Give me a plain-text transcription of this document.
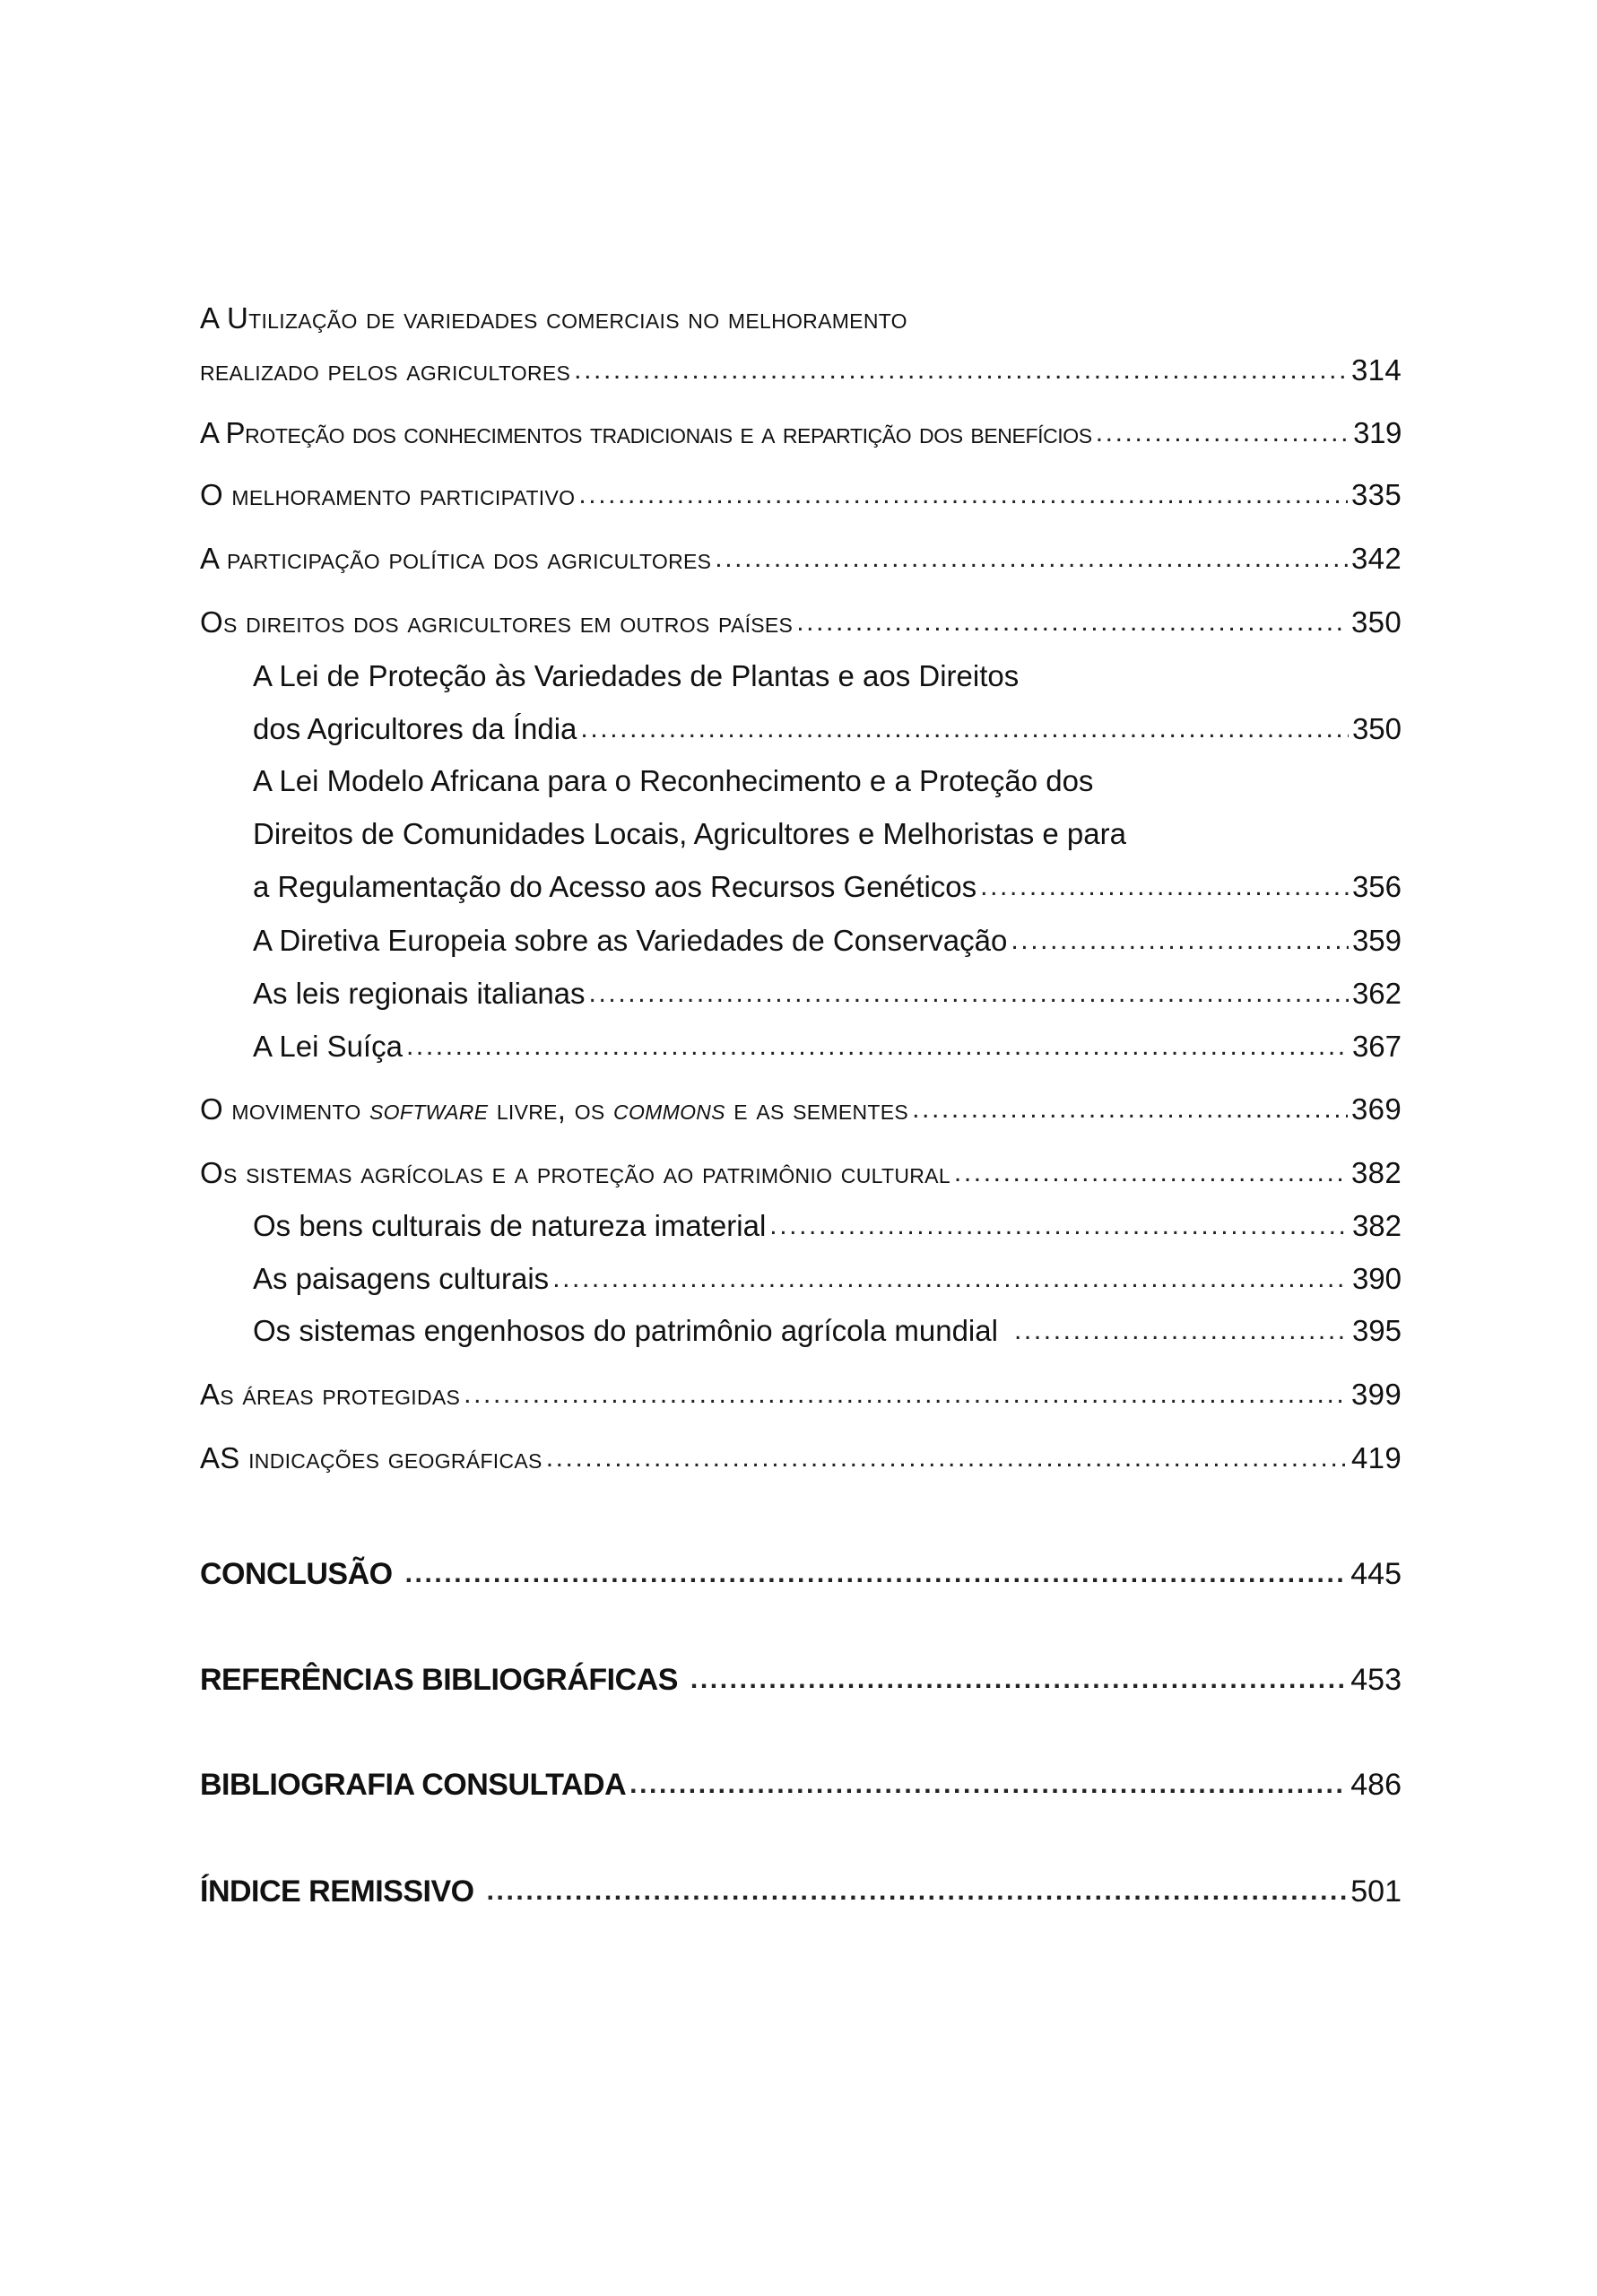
A Utilização de variedades comerciais no melhoramento
realizado pelos agricultores .....	314
A Proteção dos conhecimentos tradicionais e a repartição dos benefícios .....	319
O melhoramento participativo .....	335
A participação política dos agricultores .....	342
Os direitos dos agricultores em outros países .....	350
A Lei de Proteção às Variedades de Plantas e aos Direitos
dos Agricultores da Índia .....	350
A Lei Modelo Africana para o Reconhecimento e a Proteção dos
Direitos de Comunidades Locais, Agricultores e Melhoristas e para
a Regulamentação do Acesso aos Recursos Genéticos .....	356
A Diretiva Europeia sobre as Variedades de Conservação .....	359
As leis regionais italianas .....	362
A Lei Suíça .....	367
O movimento software livre, os commons e as sementes .....	369
Os sistemas agrícolas e a proteção ao patrimônio cultural .....	382
Os bens culturais de natureza imaterial .....	382
As paisagens culturais .....	390
Os sistemas engenhosos do patrimônio agrícola mundial .....	395
As áreas protegidas .....	399
AS indicações geográficas .....	419
CONCLUSÃO .....	445
REFERÊNCIAS BIBLIOGRÁFICAS .....	453
BIBLIOGRAFIA CONSULTADA .....	486
ÍNDICE REMISSIVO .....	501
